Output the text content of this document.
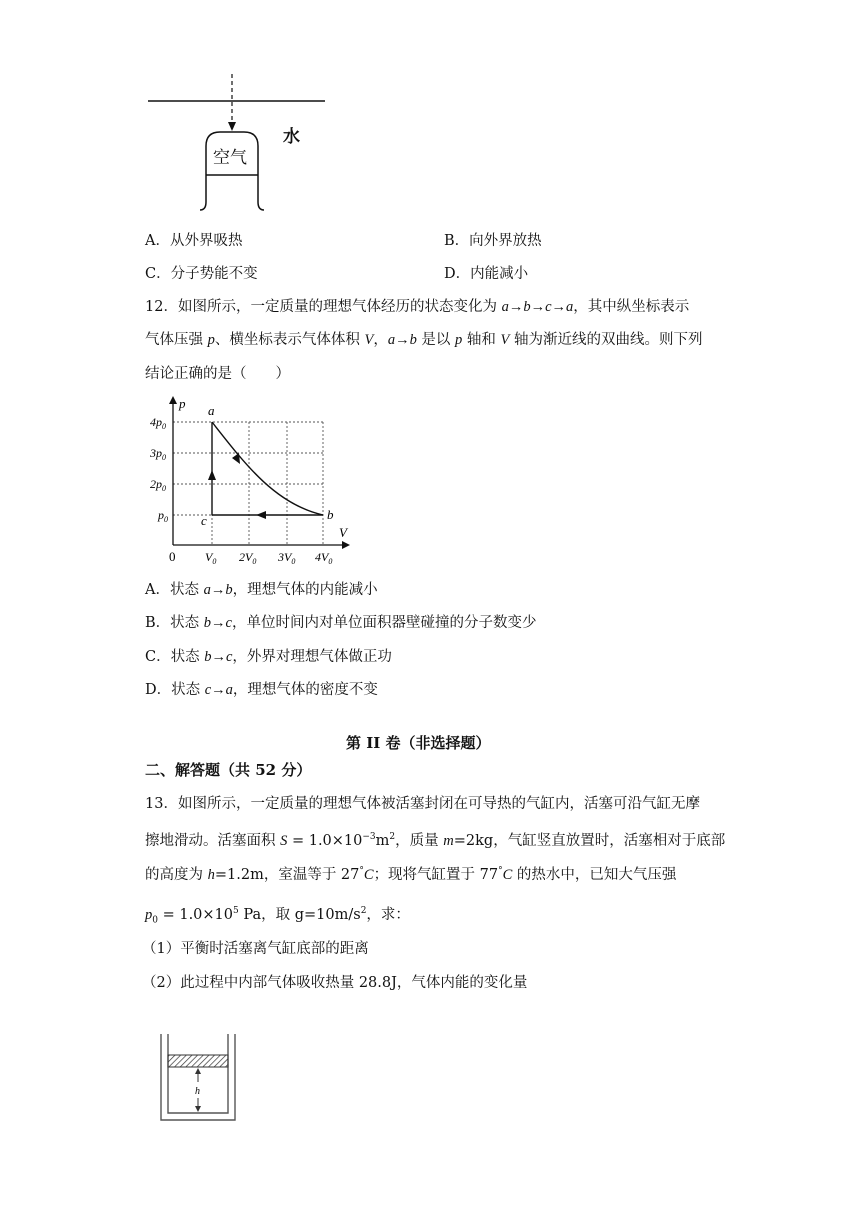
水
空气
A．从外界吸热	B．向外界放热
C．分子势能不变	D．内能减小
12．如图所示，一定质量的理想气体经历的状态变化为 a→b→c→a，其中纵坐标表示
气体压强 p、横坐标表示气体体积 V，a→b 是以 p 轴和 V 轴为渐近线的双曲线。则下列
结论正确的是（　　）
p
V
0
a
b
c
$4p_0$
$3p_0$
$2p_0$
$p_0$
$V_0$ $2V_0$ $3V_0$ $4V_0$
A．状态 a→b，理想气体的内能减小
B．状态 b→c，单位时间内对单位面积器壁碰撞的分子数变少
C．状态 b→c，外界对理想气体做正功
D．状态 c→a，理想气体的密度不变
第 II 卷（非选择题）
二、解答题（共 52 分）
13．如图所示，一定质量的理想气体被活塞封闭在可导热的气缸内，活塞可沿气缸无摩
擦地滑动。活塞面积 $S = 1.0\times 10^{-3}m^2$，质量 m=2kg，气缸竖直放置时，活塞相对于底部
的高度为 h=1.2m，室温等于 27°C；现将气缸置于 77°C 的热水中，已知大气压强
$p_0 = 1.0\times 10^5$ Pa，取 $g=10m/s^2$，求：
（1）平衡时活塞离气缸底部的距离
（2）此过程中内部气体吸收热量 28.8J，气体内能的变化量
h
